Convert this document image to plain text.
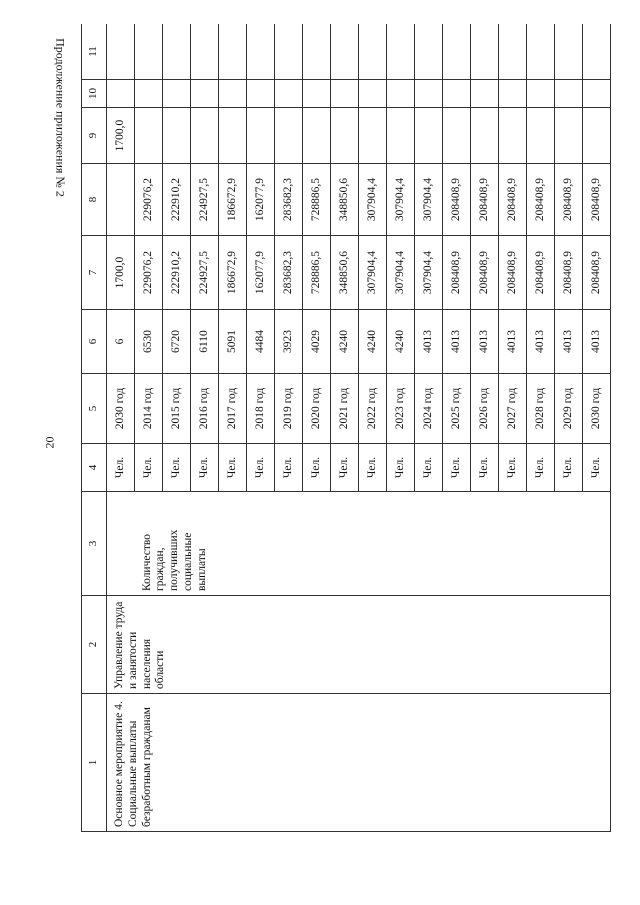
20
Продолжение приложения № 2
1	2	3	4	5	6	7	8	9	10	11
Основное мероприятие 4. Социальные выплаты безработным гражданам	Управление труда и занятости населения области		Чел.	2030 год	6	1700,0		1700,0		
		Количество граждан, получивших социальные выплаты	Чел.	2014 год	6530	229076,2	229076,2			
			Чел.	2015 год	6720	222910,2	222910,2			
			Чел.	2016 год	6110	224927,5	224927,5			
			Чел.	2017 год	5091	186672,9	186672,9			
			Чел.	2018 год	4484	162077,9	162077,9			
			Чел.	2019 год	3923	283682,3	283682,3			
			Чел.	2020 год	4029	728886,5	728886,5			
			Чел.	2021 год	4240	348850,6	348850,6			
			Чел.	2022 год	4240	307904,4	307904,4			
			Чел.	2023 год	4240	307904,4	307904,4			
			Чел.	2024 год	4013	307904,4	307904,4			
			Чел.	2025 год	4013	208408,9	208408,9			
			Чел.	2026 год	4013	208408,9	208408,9			
			Чел.	2027 год	4013	208408,9	208408,9			
			Чел.	2028 год	4013	208408,9	208408,9			
			Чел.	2029 год	4013	208408,9	208408,9			
			Чел.	2030 год	4013	208408,9	208408,9			
